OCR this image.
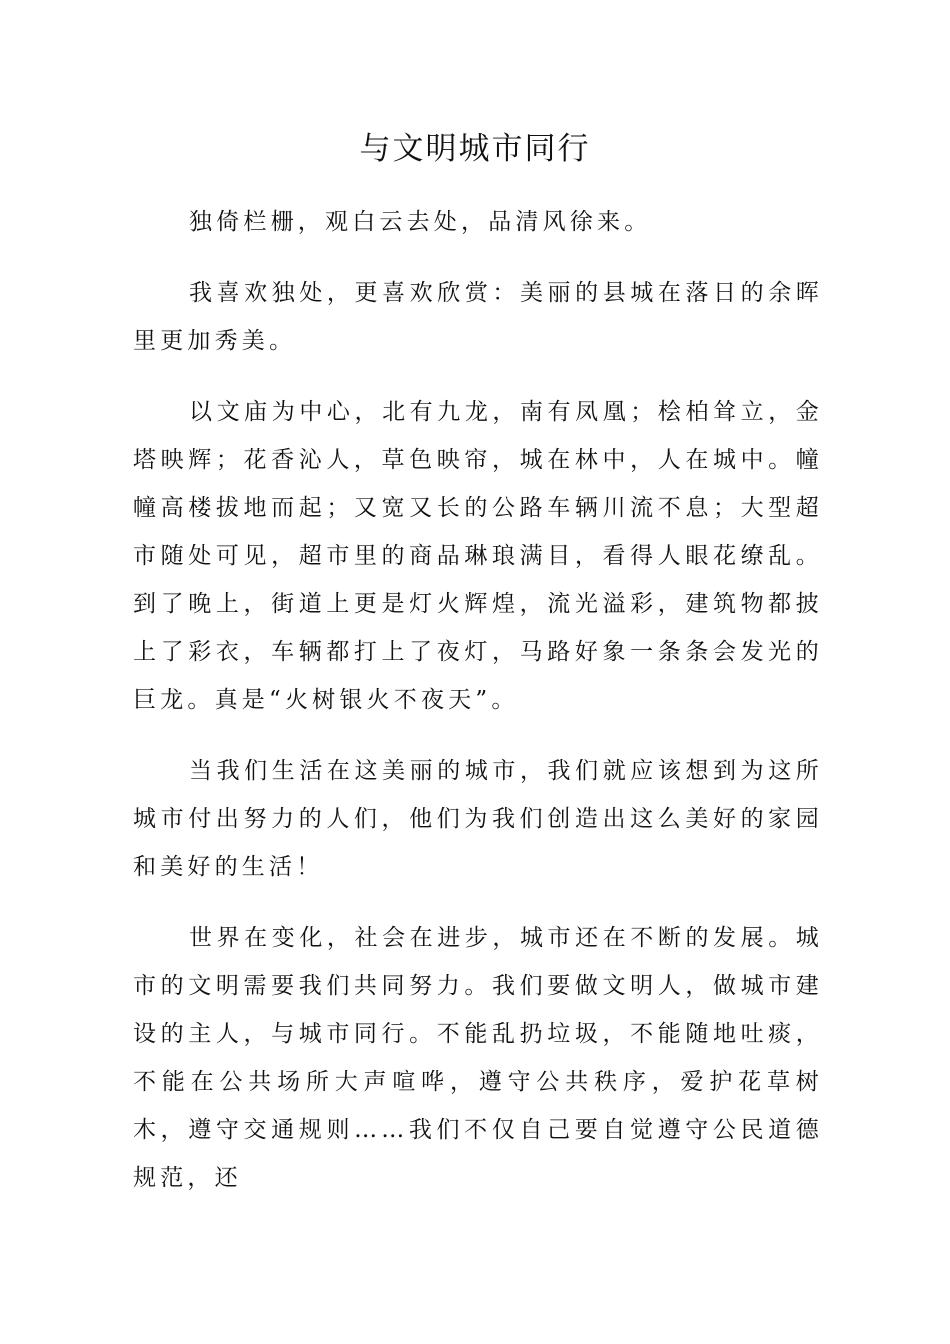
与文明城市同行

独倚栏栅，观白云去处，品清风徐来。

我喜欢独处，更喜欢欣赏：美丽的县城在落日的余晖里更加秀美。

以文庙为中心，北有九龙，南有凤凰；桧柏耸立，金塔映辉；花香沁人，草色映帘，城在林中，人在城中。幢幢高楼拔地而起；又宽又长的公路车辆川流不息；大型超市随处可见，超市里的商品琳琅满目，看得人眼花缭乱。到了晚上，街道上更是灯火辉煌，流光溢彩，建筑物都披上了彩衣，车辆都打上了夜灯，马路好象一条条会发光的巨龙。真是“火树银火不夜天”。

当我们生活在这美丽的城市，我们就应该想到为这所城市付出努力的人们，他们为我们创造出这么美好的家园和美好的生活！

世界在变化，社会在进步，城市还在不断的发展。城市的文明需要我们共同努力。我们要做文明人，做城市建设的主人，与城市同行。不能乱扔垃圾，不能随地吐痰，不能在公共场所大声喧哗，遵守公共秩序，爱护花草树木，遵守交通规则……我们不仅自己要自觉遵守公民道德规范，还
